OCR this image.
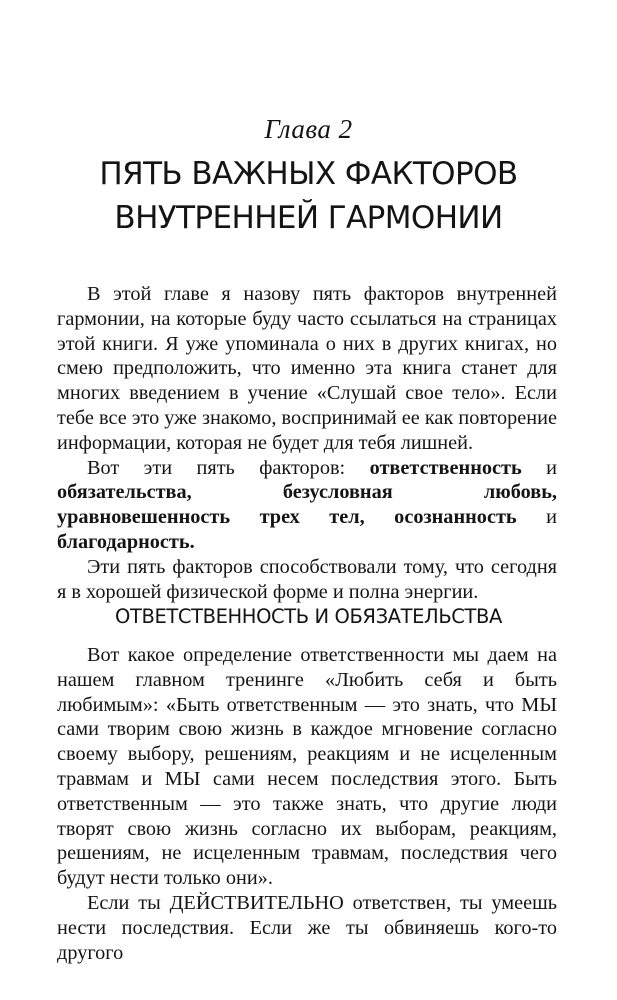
Глава 2
ПЯТЬ ВАЖНЫХ ФАКТОРОВ
ВНУТРЕННЕЙ ГАРМОНИИ

В этой главе я назову пять факторов внутренней гармонии, на которые буду часто ссылаться на страницах этой книги. Я уже упоминала о них в других книгах, но смею предположить, что именно эта книга станет для многих введением в учение «Слушай свое тело». Если тебе все это уже знакомо, воспринимай ее как повторение информации, которая не будет для тебя лишней.

Вот эти пять факторов: ответственность и обязательства, безусловная любовь, уравновешенность трех тел, осознанность и благодарность.

Эти пять факторов способствовали тому, что сегодня я в хорошей физической форме и полна энергии.

ОТВЕТСТВЕННОСТЬ И ОБЯЗАТЕЛЬСТВА

Вот какое определение ответственности мы даем на нашем главном тренинге «Любить себя и быть любимым»: «Быть ответственным — это знать, что МЫ сами творим свою жизнь в каждое мгновение согласно своему выбору, решениям, реакциям и не исцеленным травмам и МЫ сами несем последствия этого. Быть ответственным — это также знать, что другие люди творят свою жизнь согласно их выборам, реакциям, решениям, не исцеленным травмам, последствия чего будут нести только они».

Если ты ДЕЙСТВИТЕЛЬНО ответствен, ты умеешь нести последствия. Если же ты обвиняешь кого-то другого
